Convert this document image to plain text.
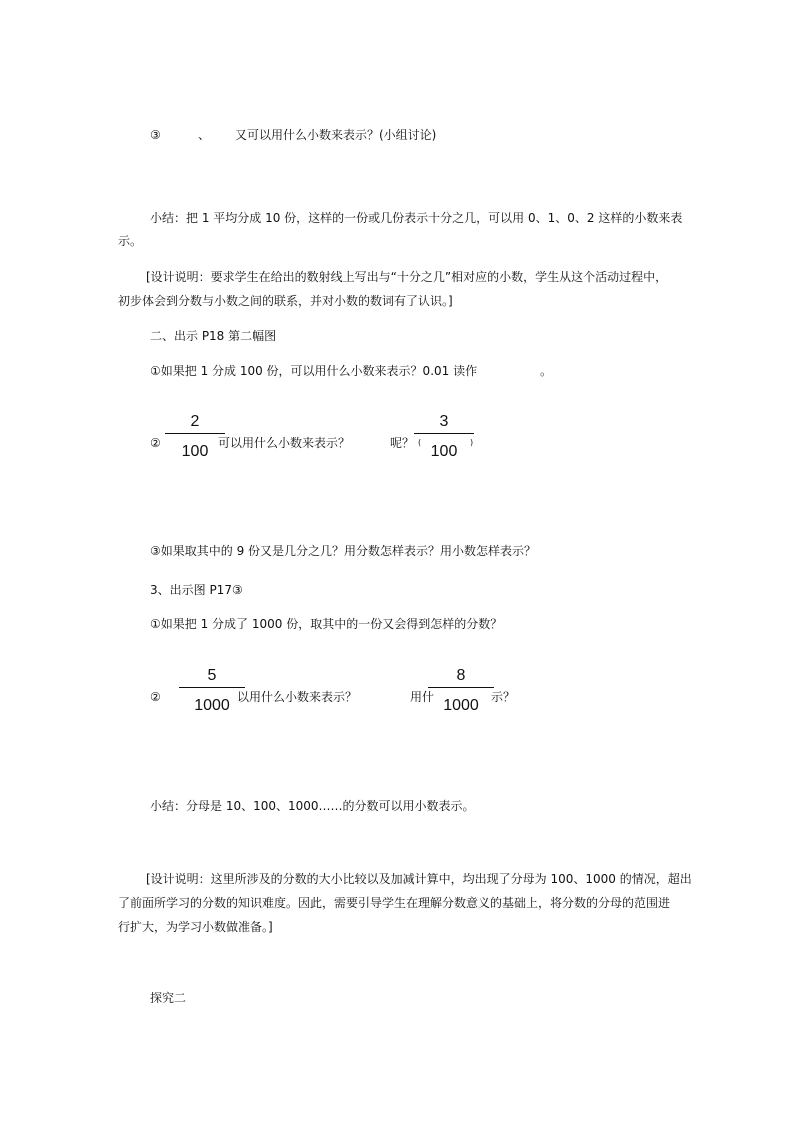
③	、 又可以用什么小数来表示？(小组讨论)
小结：把 1 平均分成 10 份，这样的一份或几份表示十分之几，可以用 0、1、0、2 这样的小数来表
示。
[设计说明：要求学生在给出的数射线上写出与“十分之几”相对应的小数，学生从这个活动过程中，
初步体会到分数与小数之间的联系，并对小数的数词有了认识。]
二、出示 P18 第二幅图
①如果把 1 分成 100 份，可以用什么小数来表示？0.01 读作	。
②
2
100 可以用什么小数来表示？	呢？ (
3
100
)
③如果取其中的 9 份又是几分之几？用分数怎样表示？用小数怎样表示？
3、出示图 P17③
①如果把 1 分成了 1000 份，取其中的一份又会得到怎样的分数？
②
5
1000 以用什么小数来表示？	用什
8
1000	示？
小结：分母是 10、100、1000……的分数可以用小数表示。
[设计说明：这里所涉及的分数的大小比较以及加减计算中，均出现了分母为 100、1000 的情况，超出
了前面所学习的分数的知识难度。因此，需要引导学生在理解分数意义的基础上，将分数的分母的范围进
行扩大，为学习小数做准备。]
探究二
